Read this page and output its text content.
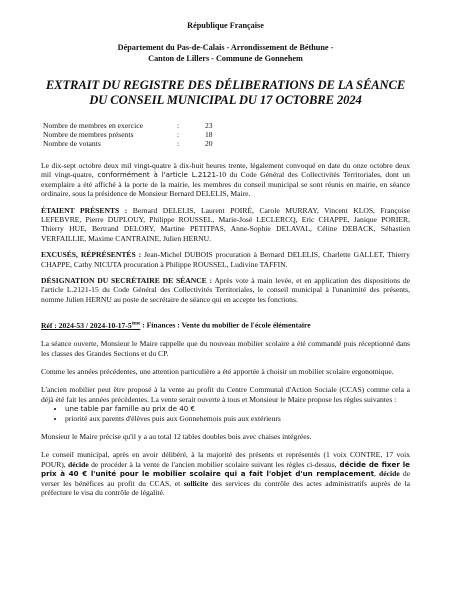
République Française

Département du Pas-de-Calais - Arrondissement de Béthune -

Canton de Lillers - Commune de Gonnehem

EXTRAIT DU REGISTRE DES DÉLIBERATIONS DE LA SÉANCE

DU CONSEIL MUNICIPAL DU 17 OCTOBRE 2024

Nombre de membres en exercice	:	23
Nombre de membres présents	:	18
Nombre de votants	:	20

Le dix-sept octobre deux mil vingt-quatre à dix-huit heures trente, légalement convoqué en date du onze octobre deux mil vingt-quatre, conformément à l'article L.2121-10 du Code Général des Collectivités Territoriales, dont un exemplaire a été affiché à la porte de la mairie, les membres du conseil municipal se sont réunis en mairie, en séance ordinaire, sous la présidence de Monsieur Bernard DELELIS, Maire.

ÉTAIENT PRÉSENTS : Bernard DELELIS, Laurent POIRÉ, Carole MURRAY, Vincent KLOS, Françoise LEFEBVRE, Pierre DUPLOUY, Philippe ROUSSEL, Marie-José LECLERCQ, Eric CHAPPE, Janique PORIER, Thierry HUE, Bertrand DELORY, Martine PETITPAS, Anne-Sophie DELAVAL, Céline DEBACK, Sébastien VERFAILLIE, Maxime CANTRAINE, Julien HERNU.

EXCUSÉS, RÉPRÉSENTÉS : Jean-Michel DUBOIS procuration à Bernard DELELIS, Charlette GALLET, Thierry CHAPPE, Cathy NICUTA procuration à Philippe ROUSSEL, Ludivine TAFFIN.

DÉSIGNATION DU SECRÉTAIRE DE SÉANCE : Après vote à main levée, et en application des dispositions de l'article L.2121-15 du Code Général des Collectivités Territoriales, le conseil municipal à l'unanimité des présents, nomme Julien HERNU au poste de secrétaire de séance qui en accepte les fonctions.

Réf : 2024-53 / 2024-10-17-5ème : Finances : Vente du mobilier de l'école élémentaire

La séance ouverte, Monsieur le Maire rappelle que du nouveau mobilier scolaire a été commandé puis réceptionné dans les classes des Grandes Sections et du CP.

Comme les années précédentes, une attention particulière a été apportée à choisir un mobilier scolaire ergonomique.

L'ancien mobilier peut être proposé à la vente au profit du Centre Communal d'Action Sociale (CCAS) comme cela a déjà été fait les années précédentes. La vente serait ouverte à tous et Monsieur le Maire propose les règles suivantes :

• une table par famille au prix de 40 €
• priorité aux parents d'élèves puis aux Gonnehemois puis aux extérieurs

Monsieur le Maire précise qu'il y a au total 12 tables doubles bois avec chaises intégrées.

Le conseil municipal, après en avoir délibéré, à la majorité des présents et représentés (1 voix CONTRE, 17 voix POUR), décide de procéder à la vente de l'ancien mobilier scolaire suivant les règles ci-dessus, décide de fixer le prix à 40 € l'unité pour le mobilier scolaire qui a fait l'objet d'un remplacement, décide de verser les bénéfices au profit du CCAS, et sollicite des services du contrôle des actes administratifs auprès de la préfecture le visa du contrôle de légalité.
